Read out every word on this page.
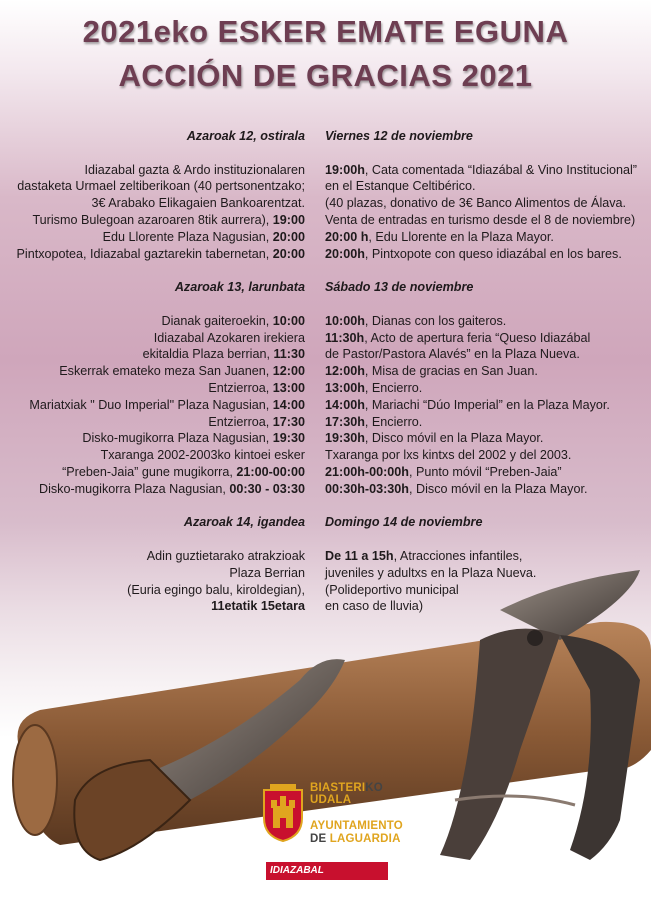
2021eko ESKER EMATE EGUNA
ACCIÓN DE GRACIAS 2021
Azaroak 12, ostirala
Idiazabal gazta & Ardo instituzionalaren
dastaketa Urmael zeltiberikoan (40 pertsonentzako;
3€ Arabako Elikagaien Bankoarentzat.
Turismo Bulegoan azaroaren 8tik aurrera), 19:00
Edu Llorente Plaza Nagusian, 20:00
Pintxopotea, Idiazabal gaztarekin tabernetan, 20:00
Azaroak 13, larunbata
Dianak gaiteroekin, 10:00
Idiazabal Azokaren irekiera
ekitaldia Plaza berrian, 11:30
Eskerrak emateko meza San Juanen, 12:00
Entzierroa, 13:00
Mariatxiak " Duo Imperial" Plaza Nagusian, 14:00
Entzierroa, 17:30
Disko-mugikorra Plaza Nagusian, 19:30
Txaranga 2002-2003ko kintoei esker
“Preben-Jaia” gune mugikorra, 21:00-00:00
Disko-mugikorra Plaza Nagusian, 00:30 - 03:30
Azaroak 14, igandea
Adin guztietarako atrakzioak
Plaza Berrian
(Euria egingo balu, kiroldegian),
11etatik 15etara
Viernes 12 de noviembre
19:00h, Cata comentada “Idiazábal & Vino Institucional”
en el Estanque Celtibérico.
(40 plazas, donativo de 3€ Banco Alimentos de Álava.
Venta de entradas en turismo desde el 8 de noviembre)
20:00 h, Edu Llorente en la Plaza Mayor.
20:00h, Pintxopote con queso idiazábal en los bares.
Sábado 13 de noviembre
10:00h, Dianas con los gaiteros.
11:30h, Acto de apertura feria “Queso Idiazábal
de Pastor/Pastora Alavés” en la Plaza Nueva.
12:00h, Misa de gracias en San Juan.
13:00h, Encierro.
14:00h, Mariachi “Dúo Imperial” en la Plaza Mayor.
17:30h, Encierro.
19:30h, Disco móvil en la Plaza Mayor.
Txaranga por lxs kintxs del 2002 y del 2003.
21:00h-00:00h, Punto móvil “Preben-Jaia”
00:30h-03:30h, Disco móvil en la Plaza Mayor.
Domingo 14 de noviembre
De 11 a 15h, Atracciones infantiles,
juveniles y adultxs en la Plaza Nueva.
(Polideportivo municipal
en caso de lluvia)
BIASTERIKO
UDALA
AYUNTAMIENTO
DE LAGUARDIA
IDIAZABAL
